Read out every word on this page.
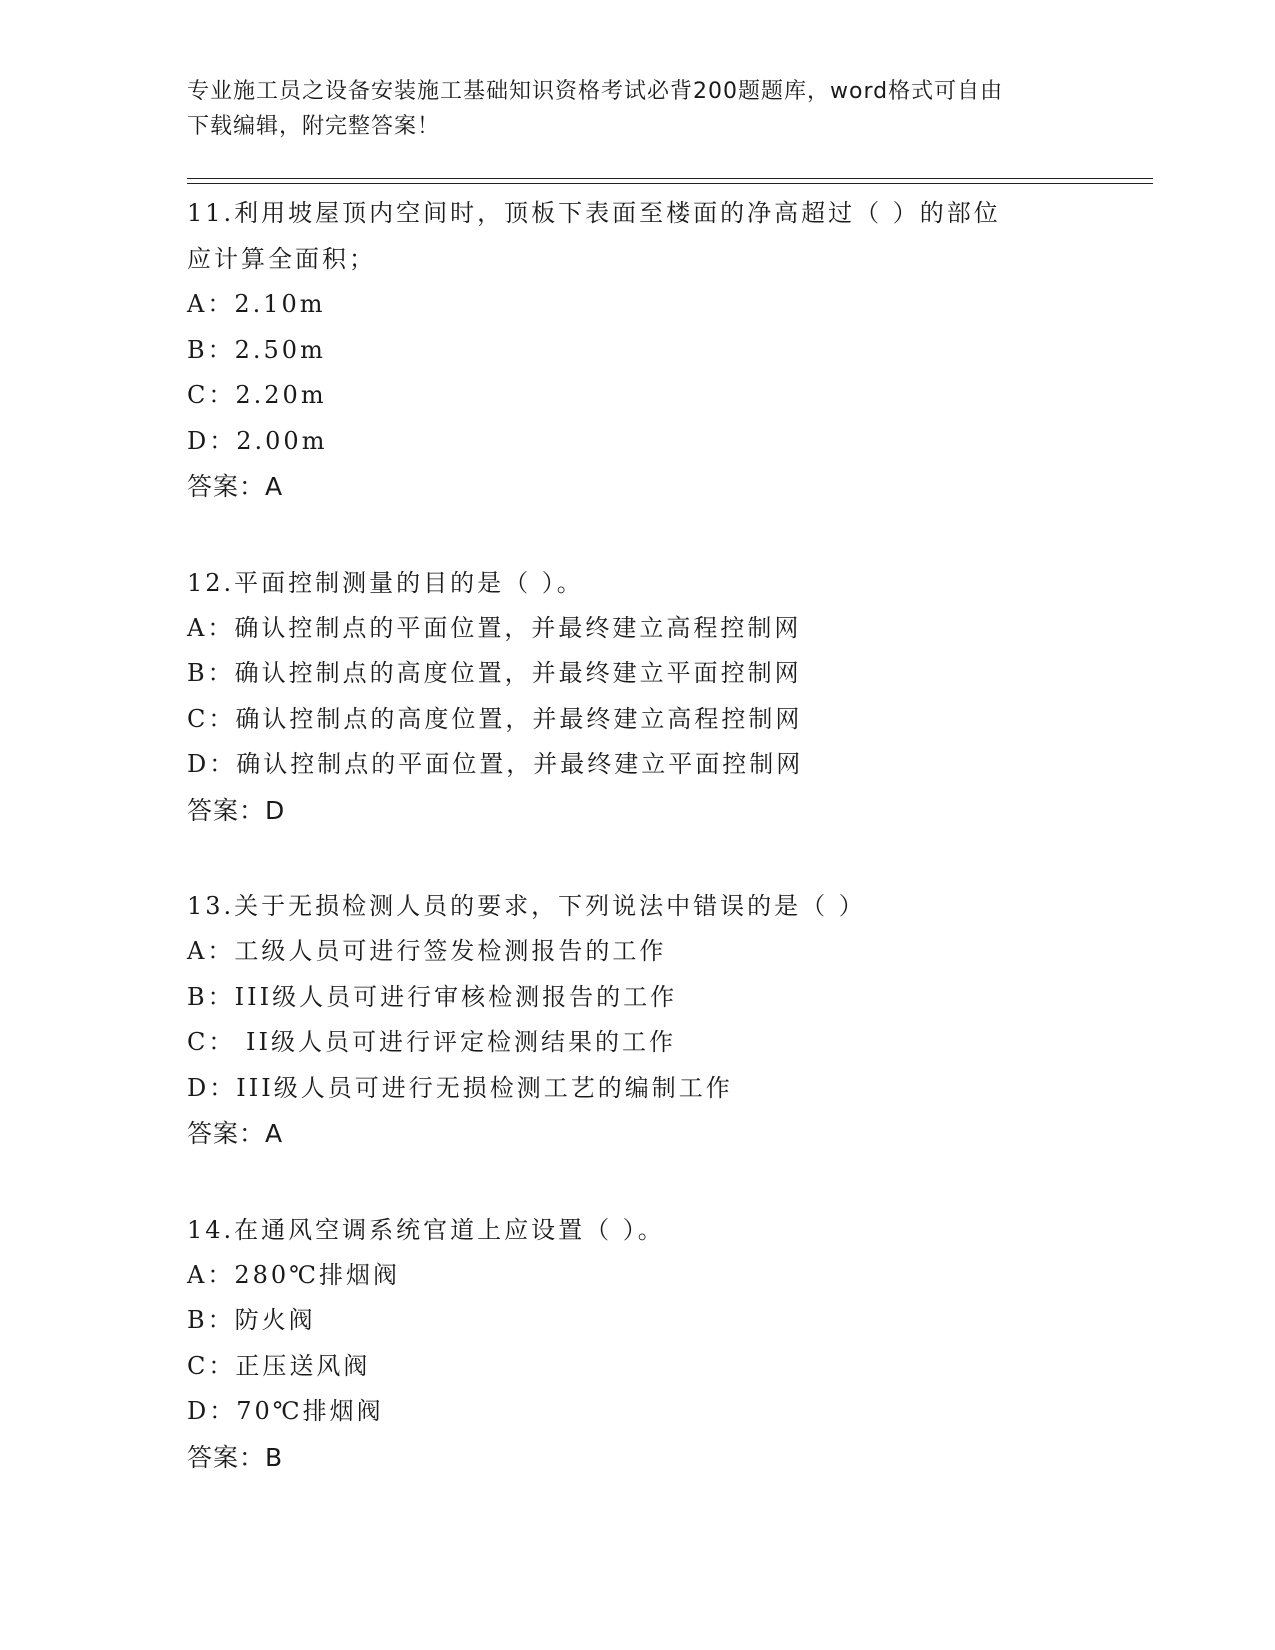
专业施工员之设备安装施工基础知识资格考试必背200题题库，word格式可自由
下载编辑，附完整答案！
11.利用坡屋顶内空间时，顶板下表面至楼面的净高超过（ ）的部位
应计算全面积；
A：2.10m
B：2.50m
C：2.20m
D：2.00m
答案：A
12.平面控制测量的目的是（ ）。
A：确认控制点的平面位置，并最终建立高程控制网
B：确认控制点的高度位置，并最终建立平面控制网
C：确认控制点的高度位置，并最终建立高程控制网
D：确认控制点的平面位置，并最终建立平面控制网
答案：D
13.关于无损检测人员的要求，下列说法中错误的是（ ）
A：工级人员可进行签发检测报告的工作
B：III级人员可进行审核检测报告的工作
C： II级人员可进行评定检测结果的工作
D：III级人员可进行无损检测工艺的编制工作
答案：A
14.在通风空调系统官道上应设置（ ）。
A：280℃排烟阀
B：防火阀
C：正压送风阀
D：70℃排烟阀
答案：B
